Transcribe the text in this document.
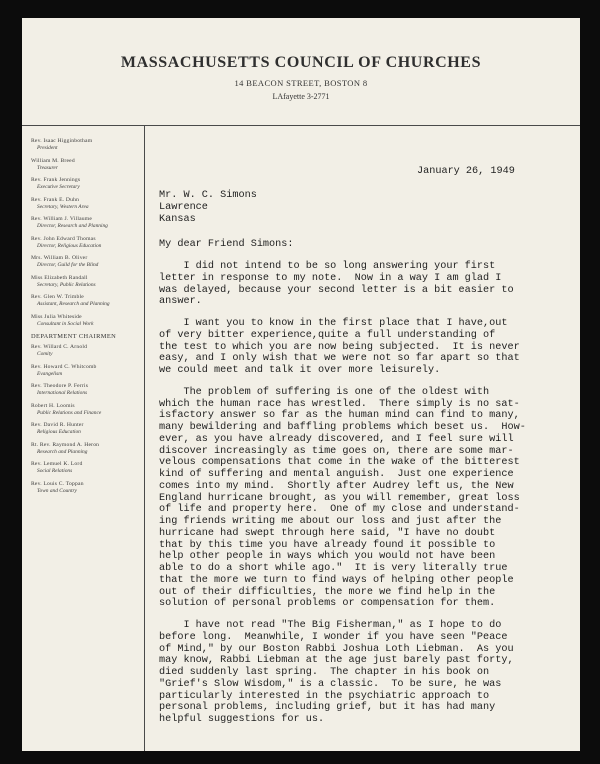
MASSACHUSETTS COUNCIL OF CHURCHES
14 BEACON STREET, BOSTON 8
LAfayette 3-2771
Rev. Isaac Higginbotham
President
William M. Breed
Treasurer
Rev. Frank Jennings
Executive Secretary
Rev. Frank E. Duhn
Secretary, Western Area
Rev. William J. Villaume
Director, Research and Planning
Rev. John Edward Thomas
Director, Religious Education
Mrs. William B. Oliver
Director, Guild for the Blind
Miss Elizabeth Randall
Secretary, Public Relations
Rev. Glen W. Trimble
Assistant, Research and Planning
Miss Julia Whiteside
Consultant in Social Work
DEPARTMENT CHAIRMEN
Rev. Willard C. Arnold
Comity
Rev. Howard C. Whitcomb
Evangelism
Rev. Theodore P. Ferris
International Relations
Robert H. Loomis
Public Relations and Finance
Rev. David R. Hunter
Religious Education
Rt. Rev. Raymond A. Heron
Research and Planning
Rev. Lemuel K. Lord
Social Relations
Rev. Louis C. Toppan
Town and Country
January 26, 1949
Mr. W. C. Simons
Lawrence
Kansas
My dear Friend Simons:
I did not intend to be so long answering your first
letter in response to my note.  Now in a way I am glad I
was delayed, because your second letter is a bit easier to
answer.
I want you to know in the first place that I have,out
of very bitter experience,quite a full understanding of
the test to which you are now being subjected.  It is never
easy, and I only wish that we were not so far apart so that
we could meet and talk it over more leisurely.
The problem of suffering is one of the oldest with
which the human race has wrestled.  There simply is no sat-
isfactory answer so far as the human mind can find to many,
many bewildering and baffling problems which beset us.  How-
ever, as you have already discovered, and I feel sure will
discover increasingly as time goes on, there are some mar-
velous compensations that come in the wake of the bitterest
kind of suffering and mental anguish.  Just one experience
comes into my mind.  Shortly after Audrey left us, the New
England hurricane brought, as you will remember, great loss
of life and property here.  One of my close and understand-
ing friends writing me about our loss and just after the
hurricane had swept through here said, "I have no doubt
that by this time you have already found it possible to
help other people in ways which you would not have been
able to do a short while ago."  It is very literally true
that the more we turn to find ways of helping other people
out of their difficulties, the more we find help in the
solution of personal problems or compensation for them.
I have not read "The Big Fisherman," as I hope to do
before long.  Meanwhile, I wonder if you have seen "Peace
of Mind," by our Boston Rabbi Joshua Loth Liebman.  As you
may know, Rabbi Liebman at the age just barely past forty,
died suddenly last spring.  The chapter in his book on
"Grief's Slow Wisdom," is a classic.  To be sure, he was
particularly interested in the psychiatric approach to
personal problems, including grief, but it has had many
helpful suggestions for us.
